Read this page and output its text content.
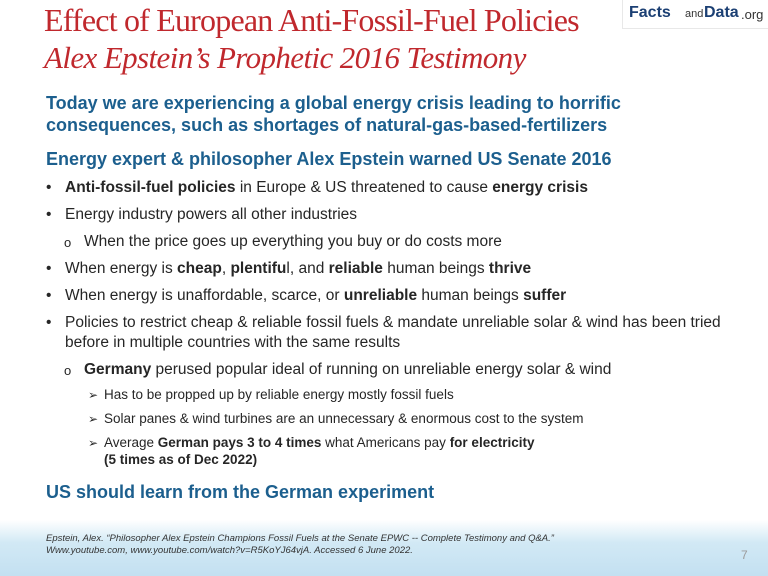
Effect of European Anti-Fossil-Fuel Policies
Alex Epstein’s Prophetic 2016 Testimony
Facts and Data .org

Today we are experiencing a global energy crisis leading to horrific consequences, such as shortages of natural-gas-based-fertilizers

Energy expert & philosopher Alex Epstein warned US Senate 2016

• Anti-fossil-fuel policies in Europe & US threatened to cause energy crisis
• Energy industry powers all other industries
o When the price goes up everything you buy or do costs more
• When energy is cheap, plentiful, and reliable human beings thrive
• When energy is unaffordable, scarce, or unreliable human beings suffer
• Policies to restrict cheap & reliable fossil fuels & mandate unreliable solar & wind has been tried before in multiple countries with the same results
o Germany perused popular ideal of running on unreliable energy solar & wind
➢ Has to be propped up by reliable energy mostly fossil fuels
➢ Solar panes & wind turbines are an unnecessary & enormous cost to the system
➢ Average German pays 3 to 4 times what Americans pay for electricity
(5 times as of Dec 2022)

US should learn from the German experiment

Epstein, Alex. “Philosopher Alex Epstein Champions Fossil Fuels at the Senate EPWC -- Complete Testimony and Q&A.”
Www.youtube.com, www.youtube.com/watch?v=R5KoYJ64vjA. Accessed 6 June 2022.	7
